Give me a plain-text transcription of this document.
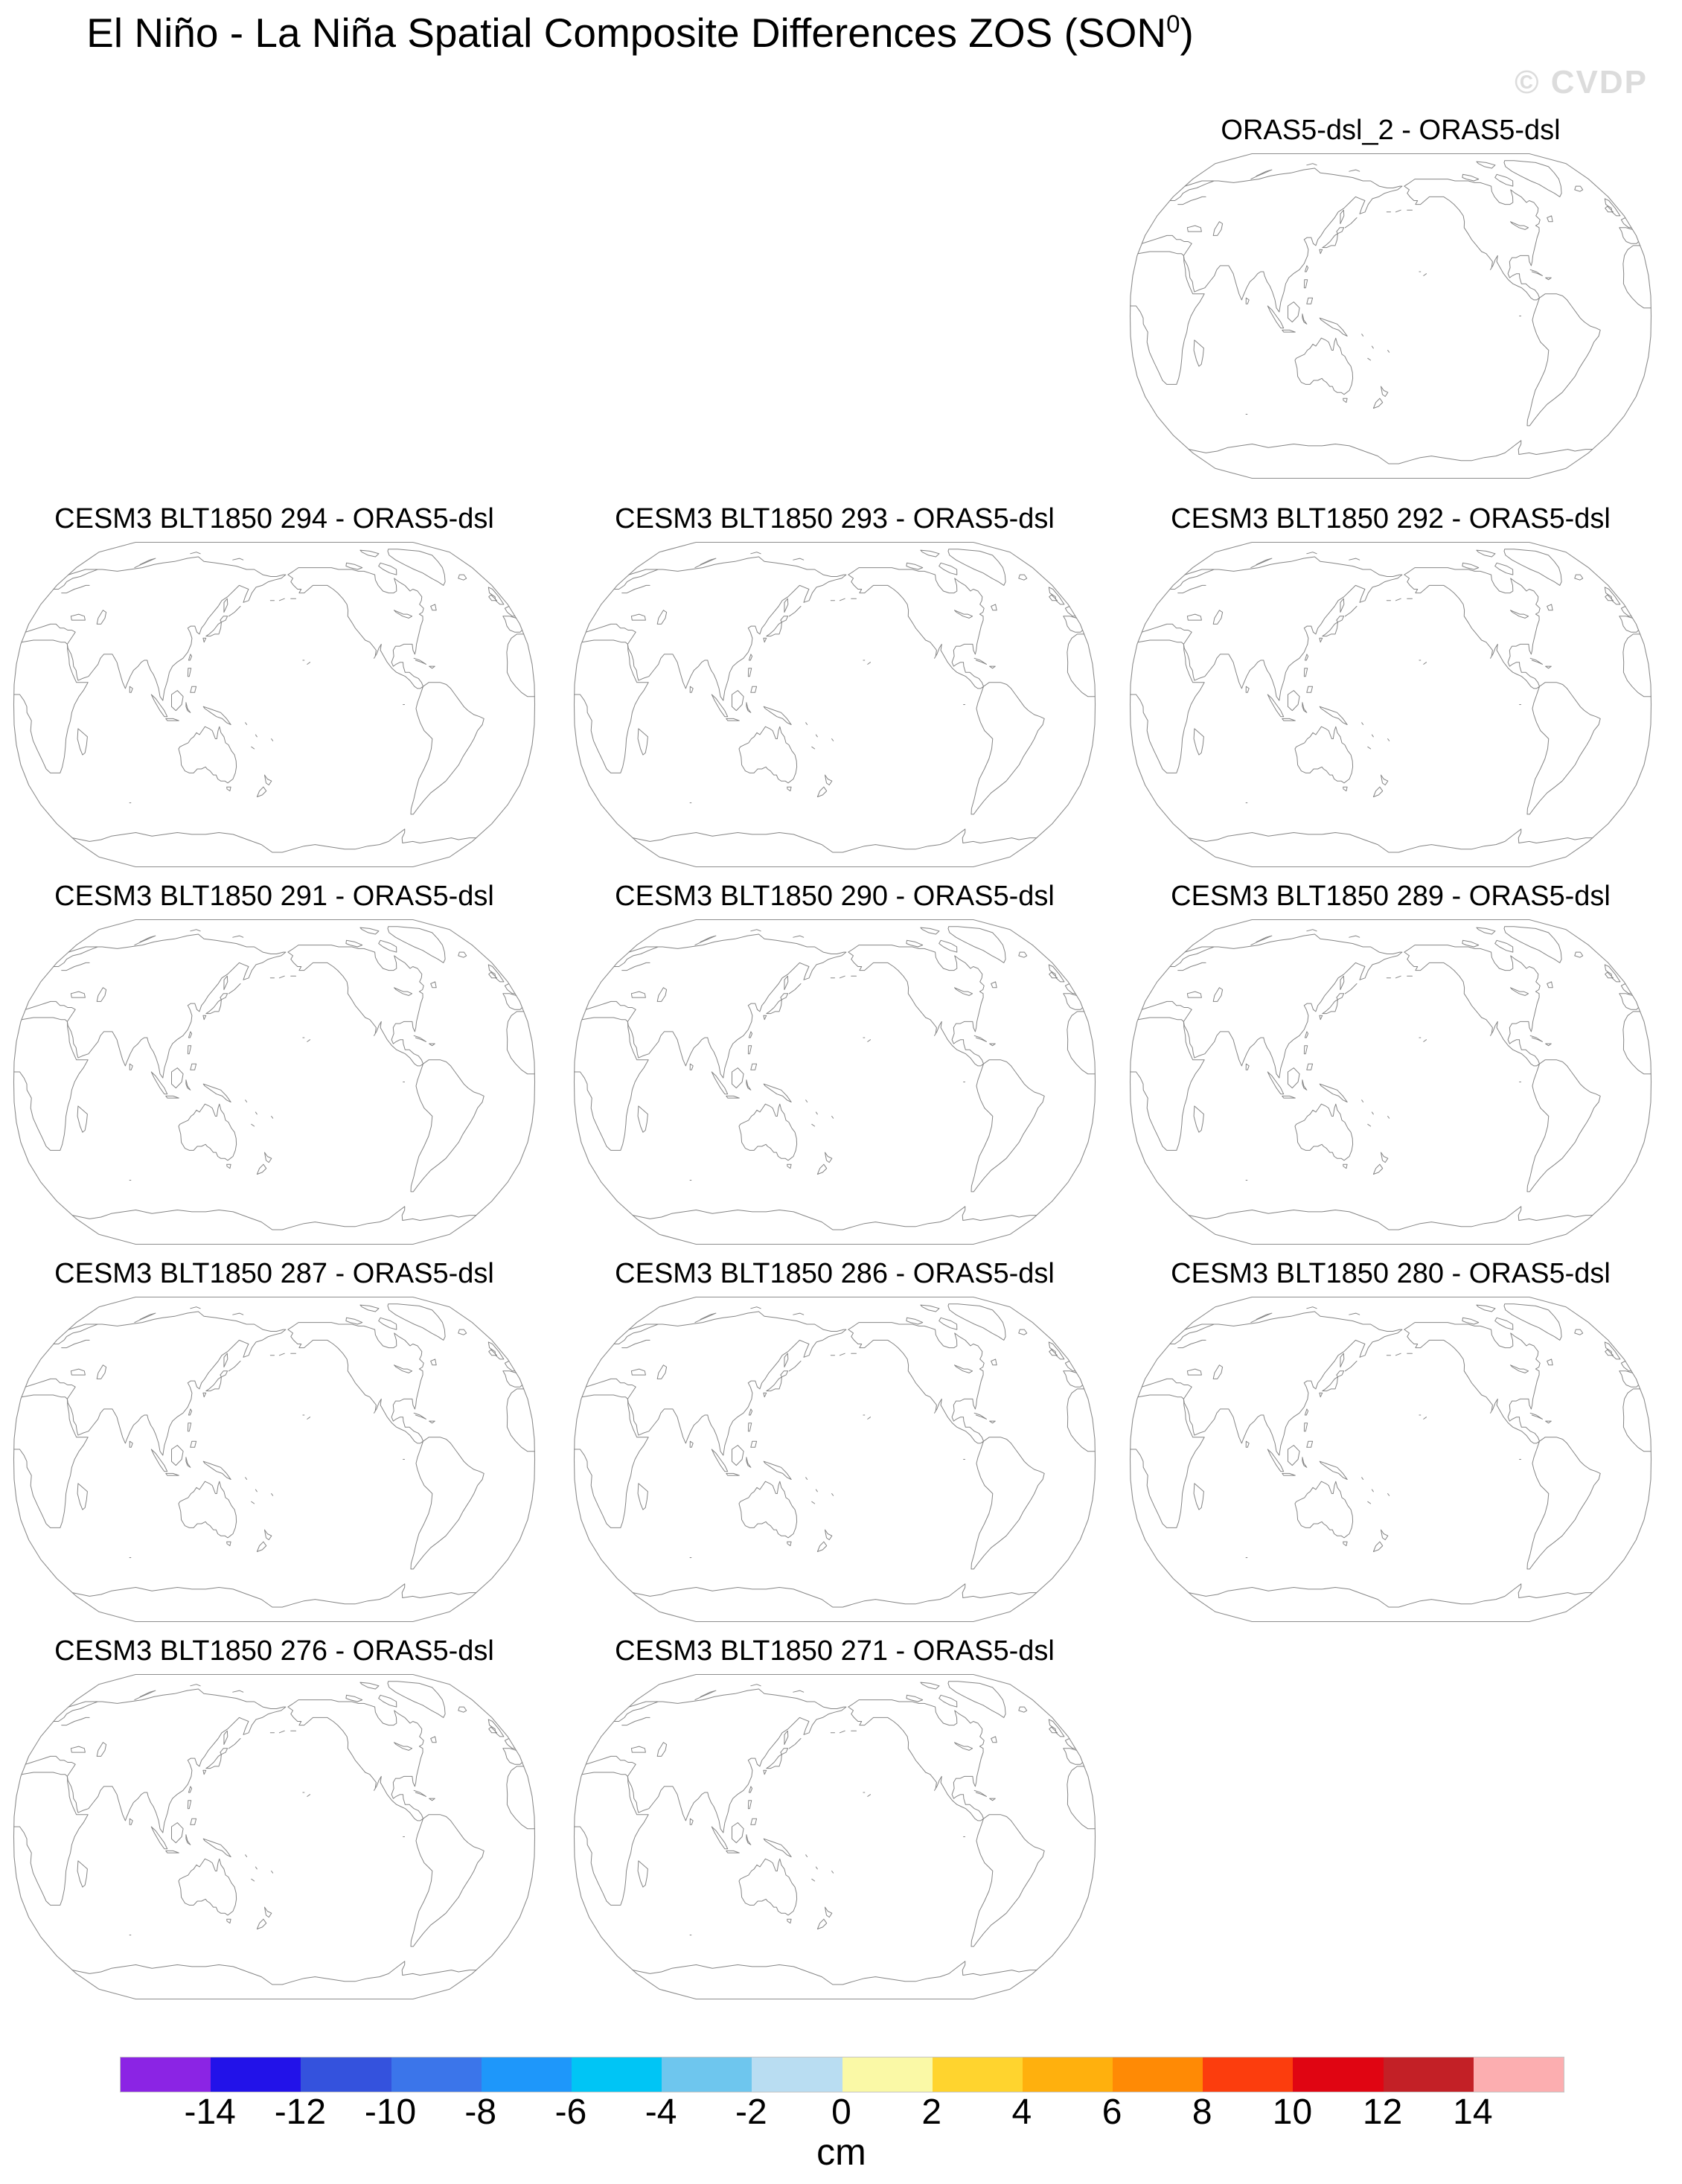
El Niño - La Niña Spatial Composite Differences ZOS (SON$^0$)
© CVDP
ORAS5-dsl_2 - ORAS5-dsl
CESM3 BLT1850 294 - ORAS5-dsl	CESM3 BLT1850 293 - ORAS5-dsl	CESM3 BLT1850 292 - ORAS5-dsl
CESM3 BLT1850 291 - ORAS5-dsl	CESM3 BLT1850 290 - ORAS5-dsl	CESM3 BLT1850 289 - ORAS5-dsl
CESM3 BLT1850 287 - ORAS5-dsl	CESM3 BLT1850 286 - ORAS5-dsl	CESM3 BLT1850 280 - ORAS5-dsl
CESM3 BLT1850 276 - ORAS5-dsl	CESM3 BLT1850 271 - ORAS5-dsl
-14 -12 -10 -8 -6 -4 -2 0 2 4 6 8 10 12 14
cm
